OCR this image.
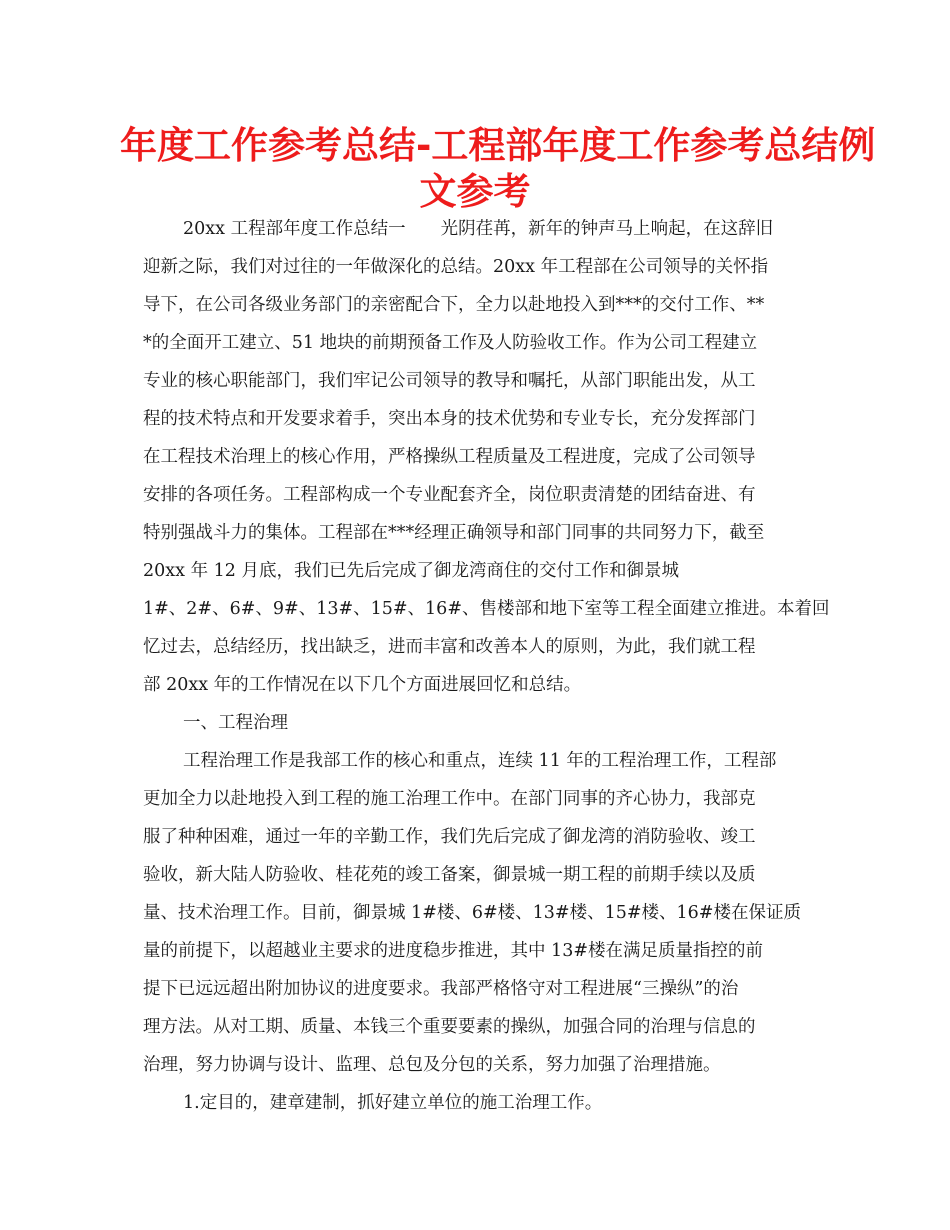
年度工作参考总结-工程部年度工作参考总结例
文参考
20xx 工程部年度工作总结一　　光阴荏苒，新年的钟声马上响起，在这辞旧
迎新之际，我们对过往的一年做深化的总结。20xx 年工程部在公司领导的关怀指
导下，在公司各级业务部门的亲密配合下，全力以赴地投入到***的交付工作、**
*的全面开工建立、51 地块的前期预备工作及人防验收工作。作为公司工程建立
专业的核心职能部门，我们牢记公司领导的教导和嘱托，从部门职能出发，从工
程的技术特点和开发要求着手，突出本身的技术优势和专业专长，充分发挥部门
在工程技术治理上的核心作用，严格操纵工程质量及工程进度，完成了公司领导
安排的各项任务。工程部构成一个专业配套齐全，岗位职责清楚的团结奋进、有
特别强战斗力的集体。工程部在***经理正确领导和部门同事的共同努力下，截至
20xx 年 12 月底，我们已先后完成了御龙湾商住的交付工作和御景城
1#、2#、6#、9#、13#、15#、16#、售楼部和地下室等工程全面建立推进。本着回
忆过去，总结经历，找出缺乏，进而丰富和改善本人的原则，为此，我们就工程
部 20xx 年的工作情况在以下几个方面进展回忆和总结。
一、工程治理
工程治理工作是我部工作的核心和重点，连续 11 年的工程治理工作，工程部
更加全力以赴地投入到工程的施工治理工作中。在部门同事的齐心协力，我部克
服了种种困难，通过一年的辛勤工作，我们先后完成了御龙湾的消防验收、竣工
验收，新大陆人防验收、桂花苑的竣工备案，御景城一期工程的前期手续以及质
量、技术治理工作。目前，御景城 1#楼、6#楼、13#楼、15#楼、16#楼在保证质
量的前提下，以超越业主要求的进度稳步推进，其中 13#楼在满足质量指控的前
提下已远远超出附加协议的进度要求。我部严格恪守对工程进展“三操纵”的治
理方法。从对工期、质量、本钱三个重要要素的操纵，加强合同的治理与信息的
治理，努力协调与设计、监理、总包及分包的关系，努力加强了治理措施。
1.定目的，建章建制，抓好建立单位的施工治理工作。
